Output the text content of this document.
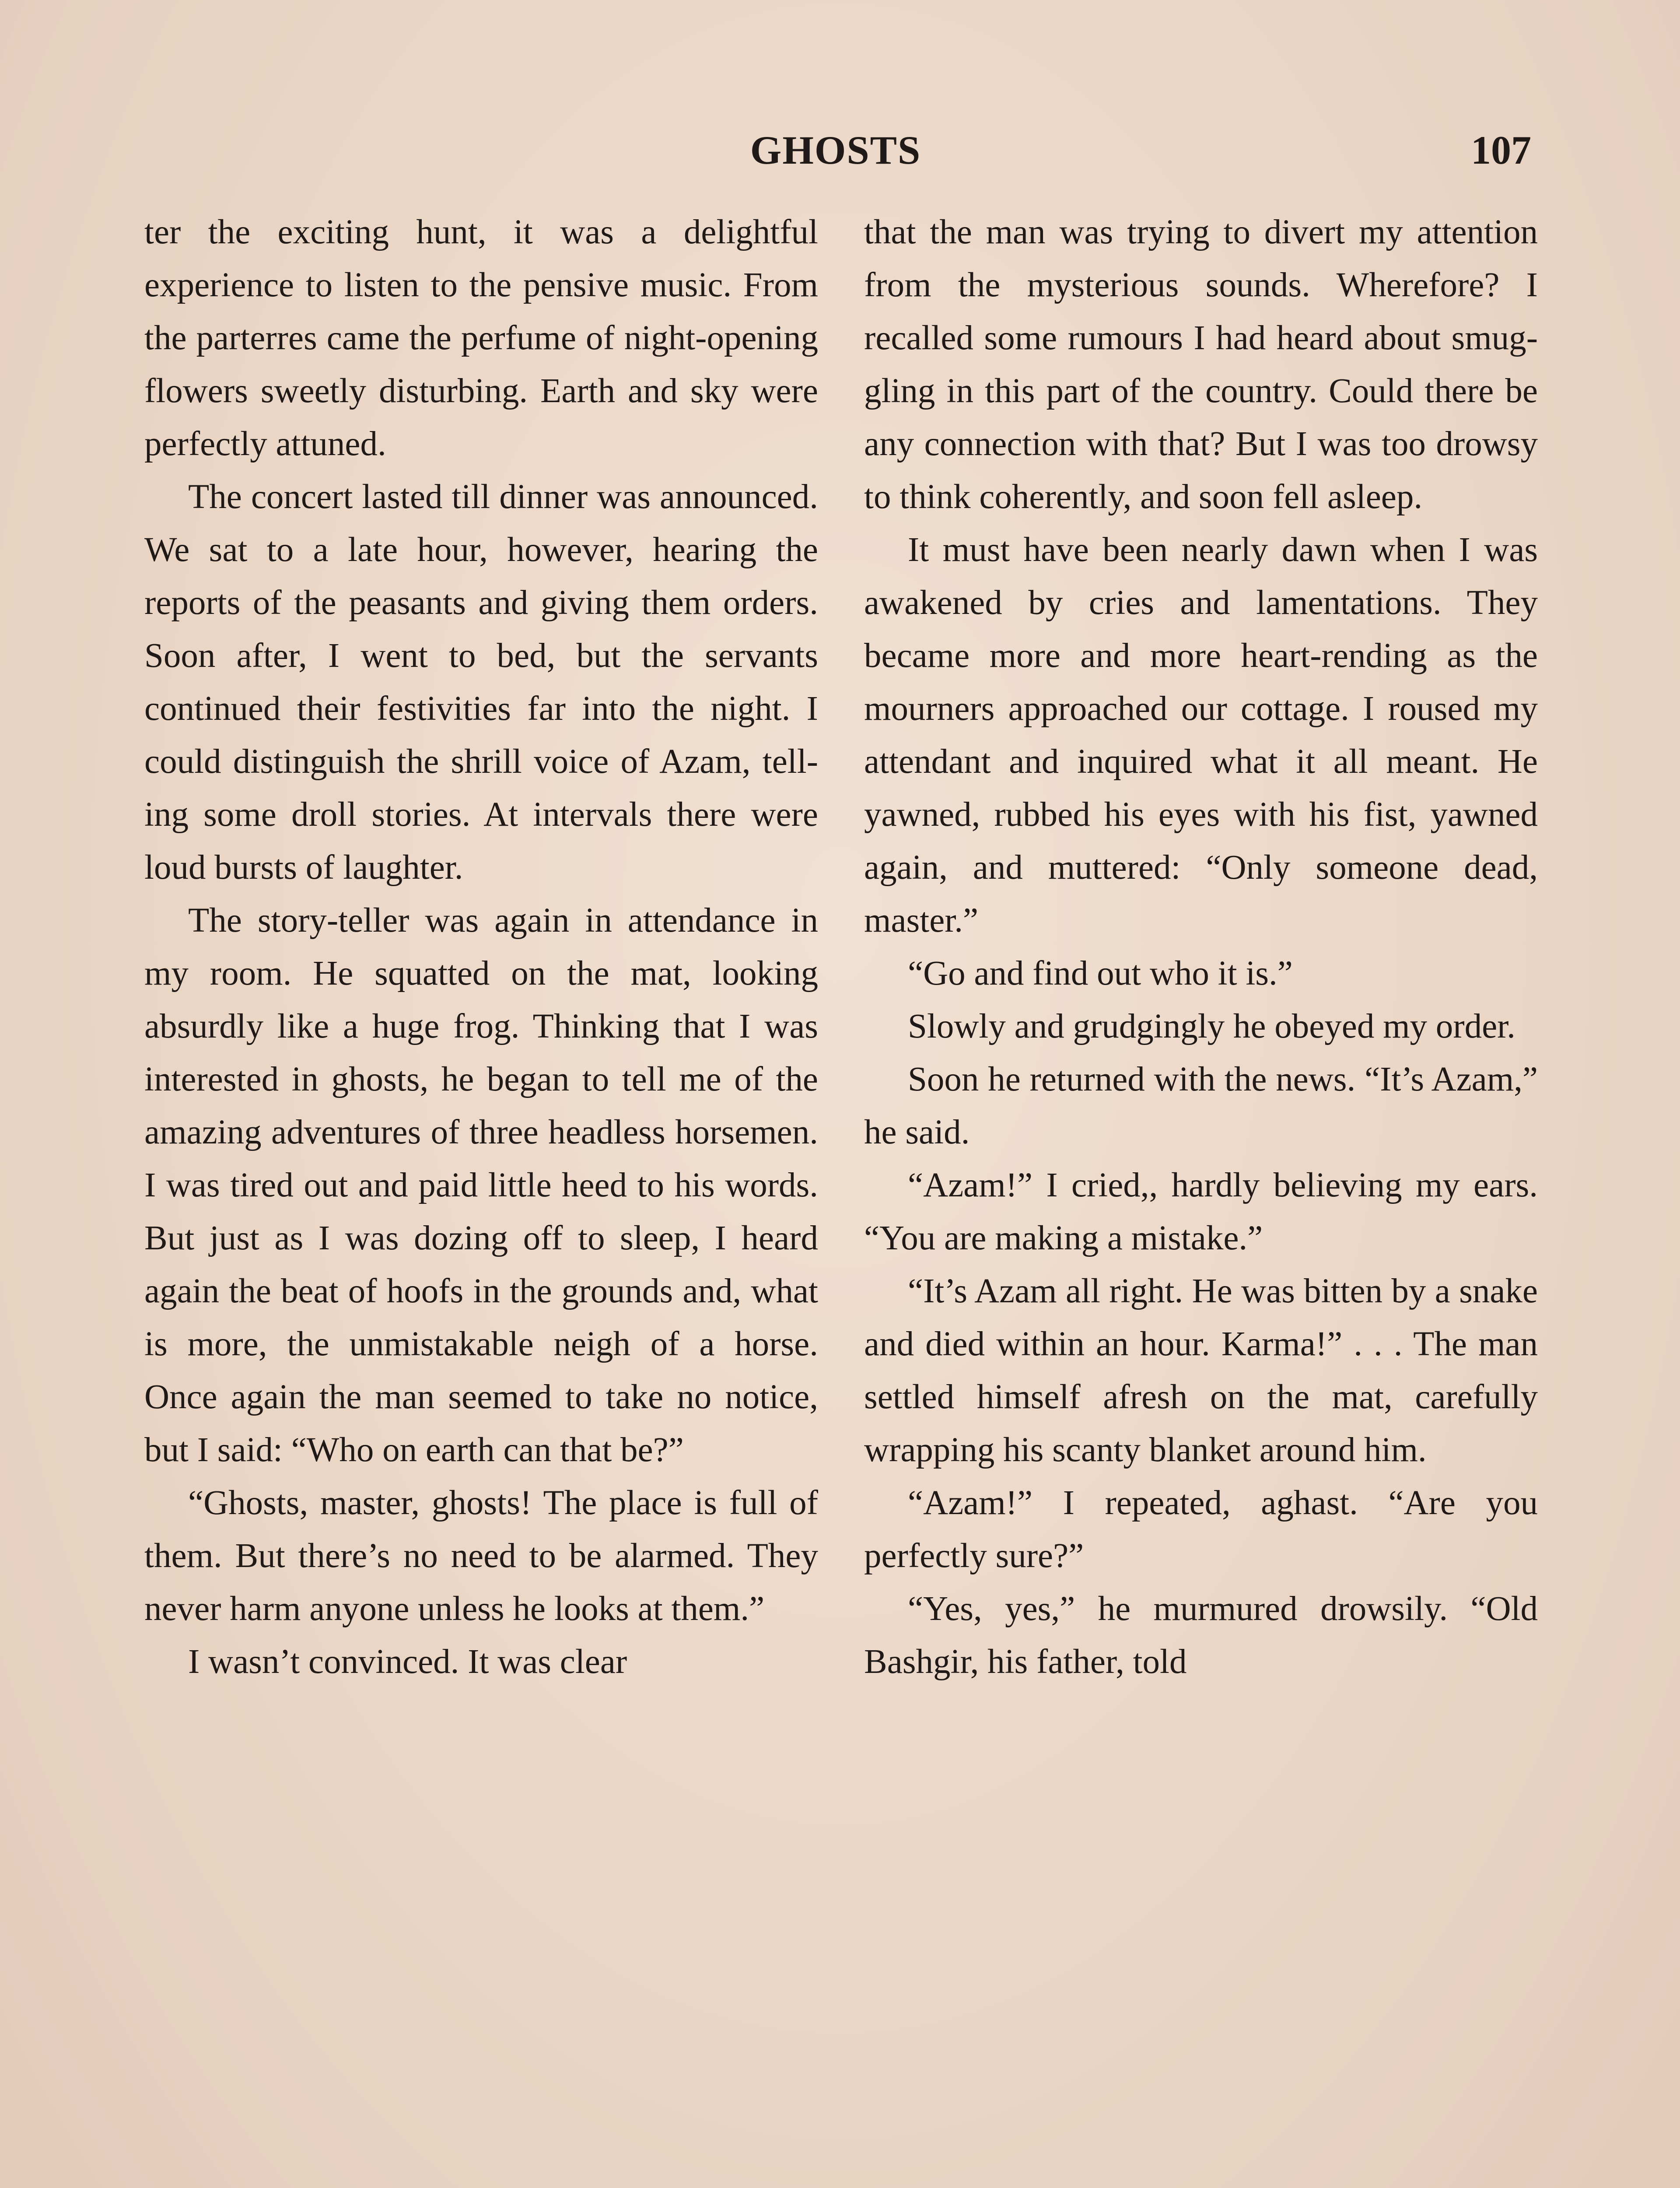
GHOSTS	107

ter the exciting hunt, it was a delightful experience to listen to the pensive music. From the parterres came the perfume of night-opening flowers sweetly disturbing. Earth and sky were perfectly attuned.

The concert lasted till dinner was announced. We sat to a late hour, however, hearing the reports of the peasants and giving them orders. Soon after, I went to bed, but the servants continued their festivities far into the night. I could distinguish the shrill voice of Azam, telling some droll stories. At intervals there were loud bursts of laughter.

The story-teller was again in attendance in my room. He squatted on the mat, looking absurdly like a huge frog. Thinking that I was interested in ghosts, he began to tell me of the amazing adventures of three headless horsemen. I was tired out and paid little heed to his words. But just as I was dozing off to sleep, I heard again the beat of hoofs in the grounds and, what is more, the unmistakable neigh of a horse. Once again the man seemed to take no notice, but I said: “Who on earth can that be?”

“Ghosts, master, ghosts! The place is full of them. But there’s no need to be alarmed. They never harm anyone unless he looks at them.”

I wasn’t convinced. It was clear

that the man was trying to divert my attention from the mysterious sounds. Wherefore? I recalled some rumours I had heard about smuggling in this part of the country. Could there be any connection with that? But I was too drowsy to think coherently, and soon fell asleep.

It must have been nearly dawn when I was awakened by cries and lamentations. They became more and more heart-rending as the mourners approached our cottage. I roused my attendant and inquired what it all meant. He yawned, rubbed his eyes with his fist, yawned again, and muttered: “Only someone dead, master.”

“Go and find out who it is.”

Slowly and grudgingly he obeyed my order.

Soon he returned with the news. “It’s Azam,” he said.

“Azam!” I cried,, hardly believing my ears. “You are making a mistake.”

“It’s Azam all right. He was bitten by a snake and died within an hour. Karma!” . . . The man settled himself afresh on the mat, carefully wrapping his scanty blanket around him.

“Azam!” I repeated, aghast. “Are you perfectly sure?”

“Yes, yes,” he murmured drowsily. “Old Bashgir, his father, told
